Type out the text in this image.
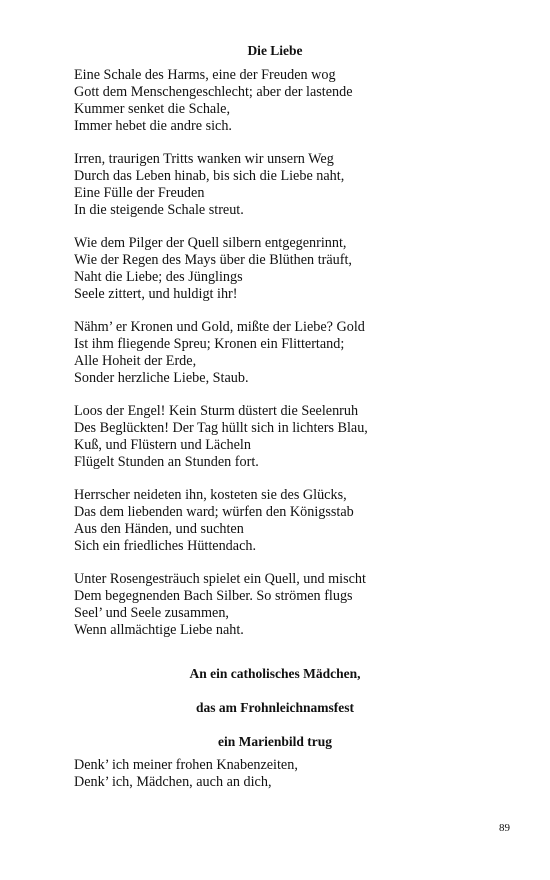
Die Liebe
Eine Schale des Harms, eine der Freuden wog
Gott dem Menschengeschlecht; aber der lastende
Kummer senket die Schale,
Immer hebet die andre sich.
Irren, traurigen Tritts wanken wir unsern Weg
Durch das Leben hinab, bis sich die Liebe naht,
Eine Fülle der Freuden
In die steigende Schale streut.
Wie dem Pilger der Quell silbern entgegenrinnt,
Wie der Regen des Mays über die Blüthen träuft,
Naht die Liebe; des Jünglings
Seele zittert, und huldigt ihr!
Nähm’ er Kronen und Gold, mißte der Liebe? Gold
Ist ihm fliegende Spreu; Kronen ein Flittertand;
Alle Hoheit der Erde,
Sonder herzliche Liebe, Staub.
Loos der Engel! Kein Sturm düstert die Seelenruh
Des Beglückten! Der Tag hüllt sich in lichters Blau,
Kuß, und Flüstern und Lächeln
Flügelt Stunden an Stunden fort.
Herrscher neideten ihn, kosteten sie des Glücks,
Das dem liebenden ward; würfen den Königsstab
Aus den Händen, und suchten
Sich ein friedliches Hüttendach.
Unter Rosengesträuch spielet ein Quell, und mischt
Dem begegnenden Bach Silber. So strömen flugs
Seel’ und Seele zusammen,
Wenn allmächtige Liebe naht.
An ein catholisches Mädchen,
das am Frohnleichnamsfest
ein Marienbild trug
Denk’ ich meiner frohen Knabenzeiten,
Denk’ ich, Mädchen, auch an dich,
89
